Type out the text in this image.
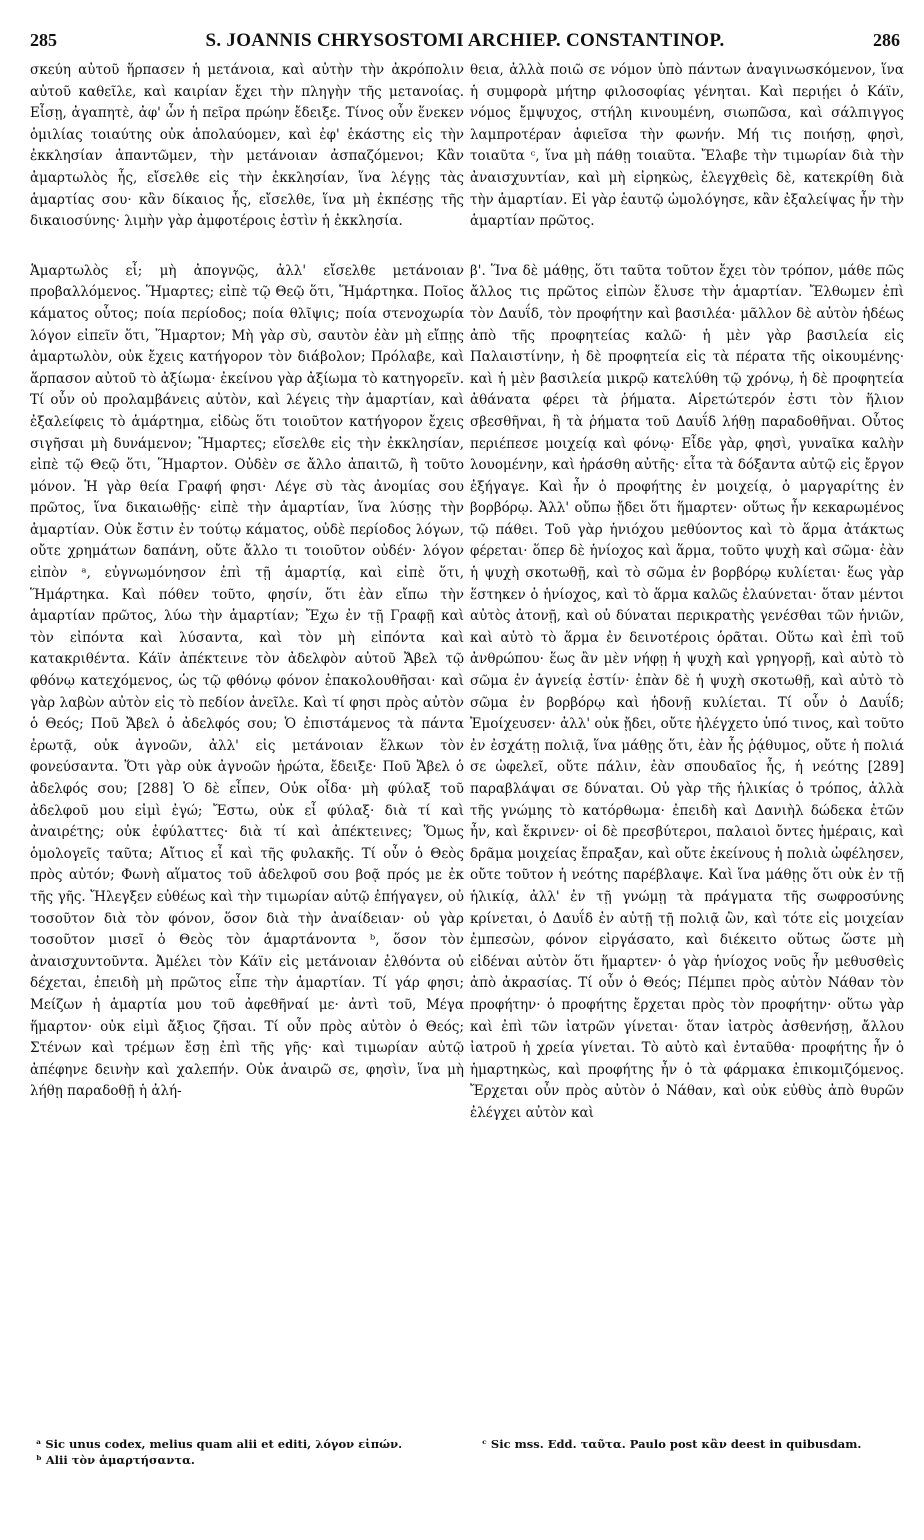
285	S. JOANNIS CHRYSOSTOMI ARCHIEP. CONSTANTINOP.	286

σκεύη αὐτοῦ ἥρπασεν ἡ μετάνοια, καὶ αὐτὴν τὴν ἀκρόπολιν αὐτοῦ καθεῖλε, καὶ καιρίαν ἔχει τὴν πληγὴν τῆς μετανοίας. Εἶσῃ, ἀγαπητὲ, ἀφ' ὧν ἡ πεῖρα πρώην ἔδειξε. Τίνος οὖν ἕνεκεν ὁμιλίας τοιαύτης οὐκ ἀπολαύομεν, καὶ ἐφ' ἑκάστης εἰς τὴν ἐκκλησίαν ἀπαντῶμεν, τὴν μετάνοιαν ἀσπαζόμενοι; Κἂν ἁμαρτωλὸς ἧς, εἴσελθε εἰς τὴν ἐκκλησίαν, ἵνα λέγῃς τὰς ἁμαρτίας σου· κἂν δίκαιος ἧς, εἴσελθε, ἵνα μὴ ἐκπέσῃς τῆς δικαιοσύνης· λιμὴν γὰρ ἀμφοτέροις ἐστὶν ἡ ἐκκλησία.

Ἁμαρτωλὸς εἶ; μὴ ἀπογνῷς, ἀλλ' εἴσελθε μετάνοιαν προβαλλόμενος. Ἥμαρτες; εἰπὲ τῷ Θεῷ ὅτι, Ἥμάρτηκα. Ποῖος κάματος οὗτος; ποία περίοδος; ποία θλῖψις; ποία στενοχωρία λόγον εἰπεῖν ὅτι, Ἥμαρτον; Μὴ γὰρ σὺ, σαυτὸν ἐὰν μὴ εἴπῃς ἁμαρτωλὸν, οὐκ ἔχεις κατήγορον τὸν διάβολον; Πρόλαβε, καὶ ἅρπασον αὐτοῦ τὸ ἀξίωμα· ἐκείνου γὰρ ἀξίωμα τὸ κατηγορεῖν. Τί οὖν οὐ προλαμβάνεις αὐτὸν, καὶ λέγεις τὴν ἁμαρτίαν, καὶ ἐξαλείφεις τὸ ἁμάρτημα, εἰδὼς ὅτι τοιοῦτον κατήγορον ἔχεις σιγῆσαι μὴ δυνάμενον; Ἥμαρτες; εἴσελθε εἰς τὴν ἐκκλησίαν, εἰπὲ τῷ Θεῷ ὅτι, Ἥμαρτον. Οὐδὲν σε ἄλλο ἀπαιτῶ, ἢ τοῦτο μόνον. Ἡ γὰρ θεία Γραφή φησι· Λέγε σὺ τὰς ἀνομίας σου πρῶτος, ἵνα δικαιωθῇς· εἰπὲ τὴν ἁμαρτίαν, ἵνα λύσῃς τὴν ἁμαρτίαν. Οὐκ ἔστιν ἐν τούτῳ κάματος, οὐδὲ περίοδος λόγων, οὔτε χρημάτων δαπάνη, οὔτε ἄλλο τι τοιοῦτον οὐδέν· λόγον εἰπὸν ᵃ, εὐγνωμόνησον ἐπὶ τῇ ἁμαρτίᾳ, καὶ εἰπὲ ὅτι, Ἥμάρτηκα. Καὶ πόθεν τοῦτο, φησίν, ὅτι ἐὰν εἴπω τὴν ἁμαρτίαν πρῶτος, λύω τὴν ἁμαρτίαν; Ἔχω ἐν τῇ Γραφῇ καὶ τὸν εἰπόντα καὶ λύσαντα, καὶ τὸν μὴ εἰπόντα καὶ κατακριθέντα. Κάϊν ἀπέκτεινε τὸν ἀδελφὸν αὐτοῦ Ἄβελ τῷ φθόνῳ κατεχόμενος, ὡς τῷ φθόνῳ φόνον ἐπακολουθῆσαι· καὶ γὰρ λαβὼν αὐτὸν εἰς τὸ πεδίον ἀνεῖλε. Καὶ τί φησι πρὸς αὐτὸν ὁ Θεός; Ποῦ Ἄβελ ὁ ἀδελφός σου; Ὁ ἐπιστάμενος τὰ πάντα ἐρωτᾷ, οὐκ ἀγνοῶν, ἀλλ' εἰς μετάνοιαν ἕλκων τὸν φονεύσαντα. Ὅτι γὰρ οὐκ ἀγνοῶν ἠρώτα, ἔδειξε· Ποῦ Ἄβελ ὁ ἀδελφός σου; [288] Ὁ δὲ εἶπεν, Οὐκ οἶδα· μὴ φύλαξ τοῦ ἀδελφοῦ μου εἰμὶ ἐγώ; Ἔστω, οὐκ εἶ φύλαξ· διὰ τί καὶ ἀναιρέτης; οὐκ ἐφύλαττες· διὰ τί καὶ ἀπέκτεινες; Ὅμως ὁμολογεῖς ταῦτα; Αἴτιος εἶ καὶ τῆς φυλακῆς. Τί οὖν ὁ Θεὸς πρὸς αὐτόν; Φωνὴ αἵματος τοῦ ἀδελφοῦ σου βοᾷ πρός με ἐκ τῆς γῆς. Ἤλεγξεν εὐθέως καὶ τὴν τιμωρίαν αὐτῷ ἐπήγαγεν, οὐ τοσοῦτον διὰ τὸν φόνον, ὅσον διὰ τὴν ἀναίδειαν· οὐ γὰρ τοσοῦτον μισεῖ ὁ Θεὸς τὸν ἁμαρτάνοντα ᵇ, ὅσον τὸν ἀναισχυντοῦντα. Ἀμέλει τὸν Κάϊν εἰς μετάνοιαν ἐλθόντα οὐ δέχεται, ἐπειδὴ μὴ πρῶτος εἶπε τὴν ἁμαρτίαν. Τί γάρ φησι; Μείζων ἡ ἁμαρτία μου τοῦ ἀφεθῆναί με· ἀντὶ τοῦ, Μέγα ἥμαρτον· οὐκ εἰμὶ ἄξιος ζῆσαι. Τί οὖν πρὸς αὐτὸν ὁ Θεός; Στένων καὶ τρέμων ἔσῃ ἐπὶ τῆς γῆς· καὶ τιμωρίαν αὐτῷ ἀπέφηνε δεινὴν καὶ χαλεπήν. Οὐκ ἀναιρῶ σε, φησὶν, ἵνα μὴ λήθῃ παραδοθῇ ἡ ἀλή-

θεια, ἀλλὰ ποιῶ σε νόμον ὑπὸ πάντων ἀναγινωσκόμενον, ἵνα ἡ συμφορὰ μήτηρ φιλοσοφίας γένηται. Καὶ περιῄει ὁ Κάϊν, νόμος ἔμψυχος, στήλη κινουμένη, σιωπῶσα, καὶ σάλπιγγος λαμπροτέραν ἀφιεῖσα τὴν φωνήν. Μή τις ποιήσῃ, φησὶ, τοιαῦτα ᶜ, ἵνα μὴ πάθῃ τοιαῦτα. Ἔλαβε τὴν τιμωρίαν διὰ τὴν ἀναισχυντίαν, καὶ μὴ εἰρηκὼς, ἐλεγχθεὶς δὲ, κατεκρίθη διὰ τὴν ἁμαρτίαν. Εἰ γὰρ ἑαυτῷ ὡμολόγησε, κἂν ἐξαλείψας ἦν τὴν ἁμαρτίαν πρῶτος.

β'. Ἵνα δὲ μάθῃς, ὅτι ταῦτα τοῦτον ἔχει τὸν τρόπον, μάθε πῶς ἄλλος τις πρῶτος εἰπὼν ἔλυσε τὴν ἁμαρτίαν. Ἔλθωμεν ἐπὶ τὸν Δαυΐδ, τὸν προφήτην καὶ βασιλέα· μᾶλλον δὲ αὐτὸν ἡδέως ἀπὸ τῆς προφητείας καλῶ· ἡ μὲν γὰρ βασιλεία εἰς Παλαιστίνην, ἡ δὲ προφητεία εἰς τὰ πέρατα τῆς οἰκουμένης· καὶ ἡ μὲν βασιλεία μικρῷ κατελύθη τῷ χρόνῳ, ἡ δὲ προφητεία ἀθάνατα φέρει τὰ ῥήματα. Αἱρετώτερόν ἐστι τὸν ἥλιον σβεσθῆναι, ἢ τὰ ῥήματα τοῦ Δαυΐδ λήθῃ παραδοθῆναι. Οὗτος περιέπεσε μοιχείᾳ καὶ φόνῳ· Εἶδε γὰρ, φησὶ, γυναῖκα καλὴν λουομένην, καὶ ἠράσθη αὐτῆς· εἶτα τὰ δόξαντα αὐτῷ εἰς ἔργον ἐξήγαγε. Καὶ ἦν ὁ προφήτης ἐν μοιχείᾳ, ὁ μαργαρίτης ἐν βορβόρῳ. Ἀλλ' οὔπω ᾔδει ὅτι ἥμαρτεν· οὕτως ἦν κεκαρωμένος τῷ πάθει. Τοῦ γὰρ ἡνιόχου μεθύοντος καὶ τὸ ἅρμα ἀτάκτως φέρεται· ὅπερ δὲ ἡνίοχος καὶ ἅρμα, τοῦτο ψυχὴ καὶ σῶμα· ἐὰν ἡ ψυχὴ σκοτωθῇ, καὶ τὸ σῶμα ἐν βορβόρῳ κυλίεται· ἕως γὰρ ἕστηκεν ὁ ἡνίοχος, καὶ τὸ ἅρμα καλῶς ἐλαύνεται· ὅταν μέντοι αὐτὸς ἀτονῇ, καὶ οὐ δύναται περικρατὴς γενέσθαι τῶν ἡνιῶν, καὶ αὐτὸ τὸ ἅρμα ἐν δεινοτέροις ὁρᾶται. Οὕτω καὶ ἐπὶ τοῦ ἀνθρώπου· ἕως ἂν μὲν νήφῃ ἡ ψυχὴ καὶ γρηγορῇ, καὶ αὐτὸ τὸ σῶμα ἐν ἁγνείᾳ ἐστίν· ἐπὰν δὲ ἡ ψυχὴ σκοτωθῇ, καὶ αὐτὸ τὸ σῶμα ἐν βορβόρῳ καὶ ἡδονῇ κυλίεται. Τί οὖν ὁ Δαυΐδ; Ἐμοίχευσεν· ἀλλ' οὐκ ᾔδει, οὔτε ἠλέγχετο ὑπό τινος, καὶ τοῦτο ἐν ἐσχάτῃ πολιᾷ, ἵνα μάθῃς ὅτι, ἐὰν ἧς ῥᾴθυμος, οὔτε ἡ πολιά σε ὠφελεῖ, οὔτε πάλιν, ἐὰν σπουδαῖος ἧς, ἡ νεότης [289] παραβλάψαι σε δύναται. Οὐ γὰρ τῆς ἡλικίας ὁ τρόπος, ἀλλὰ τῆς γνώμης τὸ κατόρθωμα· ἐπειδὴ καὶ Δανιὴλ δώδεκα ἐτῶν ἦν, καὶ ἔκρινεν· οἱ δὲ πρεσβύτεροι, παλαιοὶ ὄντες ἡμέραις, καὶ δρᾶμα μοιχείας ἔπραξαν, καὶ οὔτε ἐκείνους ἡ πολιὰ ὠφέλησεν, οὔτε τοῦτον ἡ νεότης παρέβλαψε. Καὶ ἵνα μάθῃς ὅτι οὐκ ἐν τῇ ἡλικίᾳ, ἀλλ' ἐν τῇ γνώμῃ τὰ πράγματα τῆς σωφροσύνης κρίνεται, ὁ Δαυΐδ ἐν αὐτῇ τῇ πολιᾷ ὢν, καὶ τότε εἰς μοιχείαν ἐμπεσὼν, φόνον εἰργάσατο, καὶ διέκειτο οὕτως ὥστε μὴ εἰδέναι αὐτὸν ὅτι ἥμαρτεν· ὁ γὰρ ἡνίοχος νοῦς ἦν μεθυσθεὶς ἀπὸ ἀκρασίας. Τί οὖν ὁ Θεός; Πέμπει πρὸς αὐτὸν Νάθαν τὸν προφήτην· ὁ προφήτης ἔρχεται πρὸς τὸν προφήτην· οὕτω γὰρ καὶ ἐπὶ τῶν ἰατρῶν γίνεται· ὅταν ἰατρὸς ἀσθενήσῃ, ἄλλου ἰατροῦ ἡ χρεία γίνεται. Τὸ αὐτὸ καὶ ἐνταῦθα· προφήτης ἦν ὁ ἡμαρτηκὼς, καὶ προφήτης ἦν ὁ τὰ φάρμακα ἐπικομιζόμενος. Ἔρχεται οὖν πρὸς αὐτὸν ὁ Νάθαν, καὶ οὐκ εὐθὺς ἀπὸ θυρῶν ἐλέγχει αὐτὸν καὶ

ᵃ Sic unus codex, melius quam alii et editi, λόγον εἰπών.

ᵇ Alii τὸν ἁμαρτήσαντα.

ᶜ Sic mss. Edd. ταῦτα. Paulo post κἂν deest in quibusdam.
